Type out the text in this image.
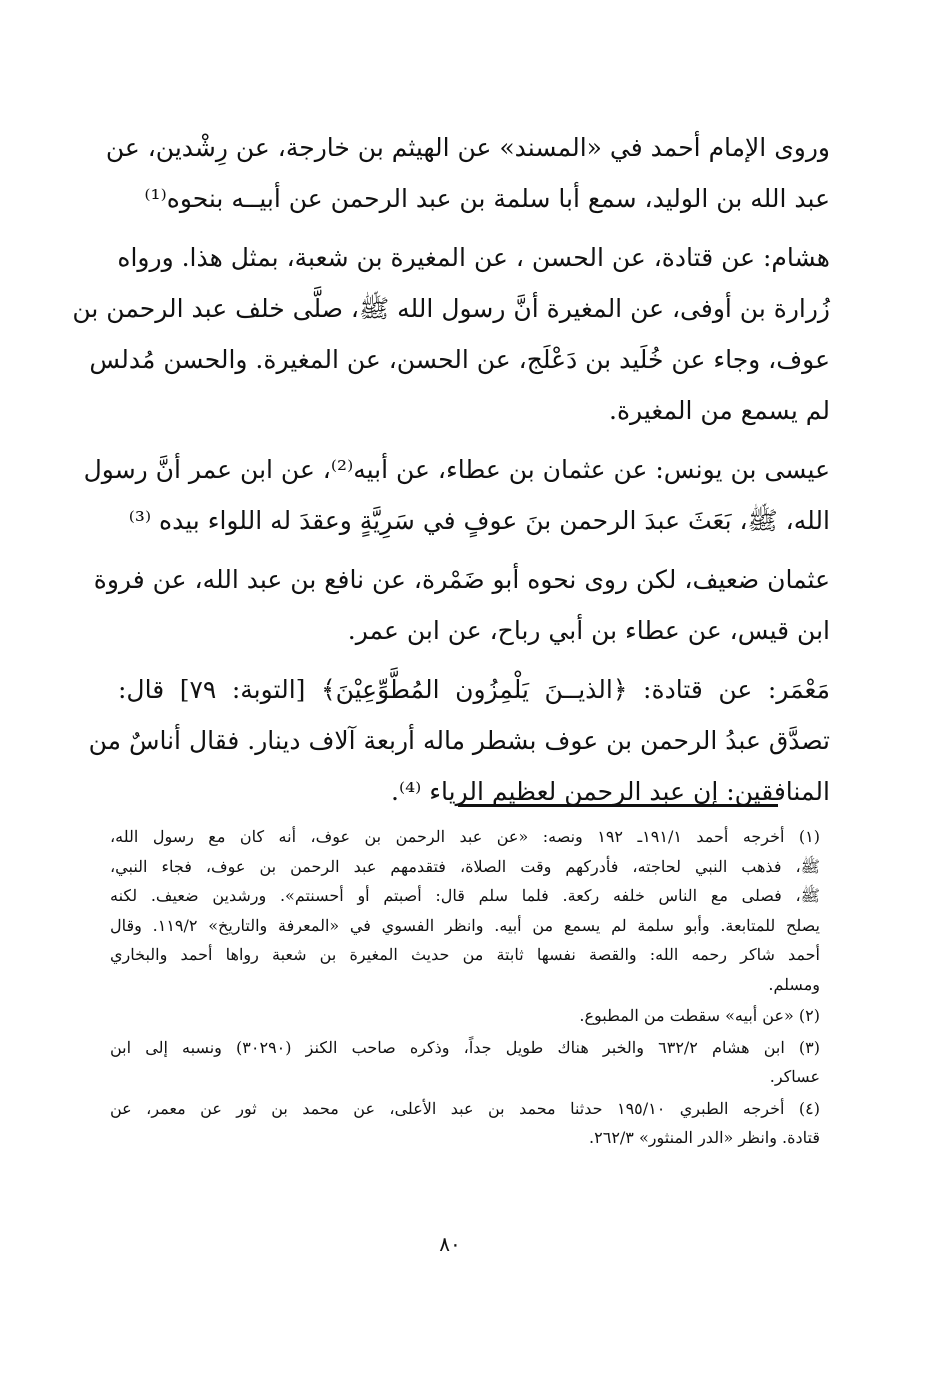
وروى الإمام أحمد في «المسند» عن الهيثم بن خارجة، عن رِشْدين، عن
عبد الله بن الوليد، سمع أبا سلمة بن عبد الرحمن عن أبيــه بنحوه⁽¹⁾
هشام: عن قتادة، عن الحسن ، عن المغيرة بن شعبة، بمثل هذا. ورواه
زُرارة بن أوفى، عن المغيرة أنَّ رسول الله ﷺ، صلَّى خلف عبد الرحمن بن
عوف، وجاء عن خُلَيد بن دَعْلَج، عن الحسن، عن المغيرة. والحسن مُدلس
لم يسمع من المغيرة.
عيسى بن يونس: عن عثمان بن عطاء، عن أبيه⁽²⁾، عن ابن عمر أنَّ رسول
الله، ﷺ، بَعَثَ عبدَ الرحمن بنَ عوفٍ في سَرِيَّةٍ وعقدَ له اللواء بيده ⁽³⁾
عثمان ضعيف، لكن روى نحوه أبو ضَمْرة، عن نافع بن عبد الله، عن فروة
ابن قيس، عن عطاء بن أبي رباح، عن ابن عمر.
مَعْمَر: عن قتادة: ﴿الذيــنَ يَلْمِزُون المُطَّوِّعِيْنَ﴾ [التوبة: ٧٩] قال:
تصدَّق عبدُ الرحمن بن عوف بشطر ماله أربعة آلاف دينار. فقال أناسٌ من
المنافقين: إن عبد الرحمن لعظيم الرياء ⁽⁴⁾.
(١) أخرجه أحمد ١٩١/١ـ ١٩٢ ونصه: «عن عبد الرحمن بن عوف، أنه كان مع رسول الله،
ﷺ، فذهب النبي لحاجته، فأدركهم وقت الصلاة، فتقدمهم عبد الرحمن بن عوف، فجاء النبي،
ﷺ، فصلى مع الناس خلفه ركعة. فلما سلم قال: أصبتم أو أحسنتم». ورشدين ضعيف. لكنه
يصلح للمتابعة. وأبو سلمة لم يسمع من أبيه. وانظر الفسوي في «المعرفة والتاريخ» ١١٩/٢. وقال
أحمد شاكر رحمه الله: والقصة نفسها ثابتة من حديث المغيرة بن شعبة رواها أحمد والبخاري
ومسلم.
(٢) «عن أبيه» سقطت من المطبوع.
(٣) ابن هشام ٦٣٢/٢ والخبر هناك طويل جداً، وذكره صاحب الكنز (٣٠٢٩٠) ونسبه إلى ابن
عساكر.
(٤) أخرجه الطبري ١٩٥/١٠ حدثنا محمد بن عبد الأعلى، عن محمد بن ثور عن معمر، عن
قتادة. وانظر «الدر المنثور» ٢٦٢/٣.
٨٠
